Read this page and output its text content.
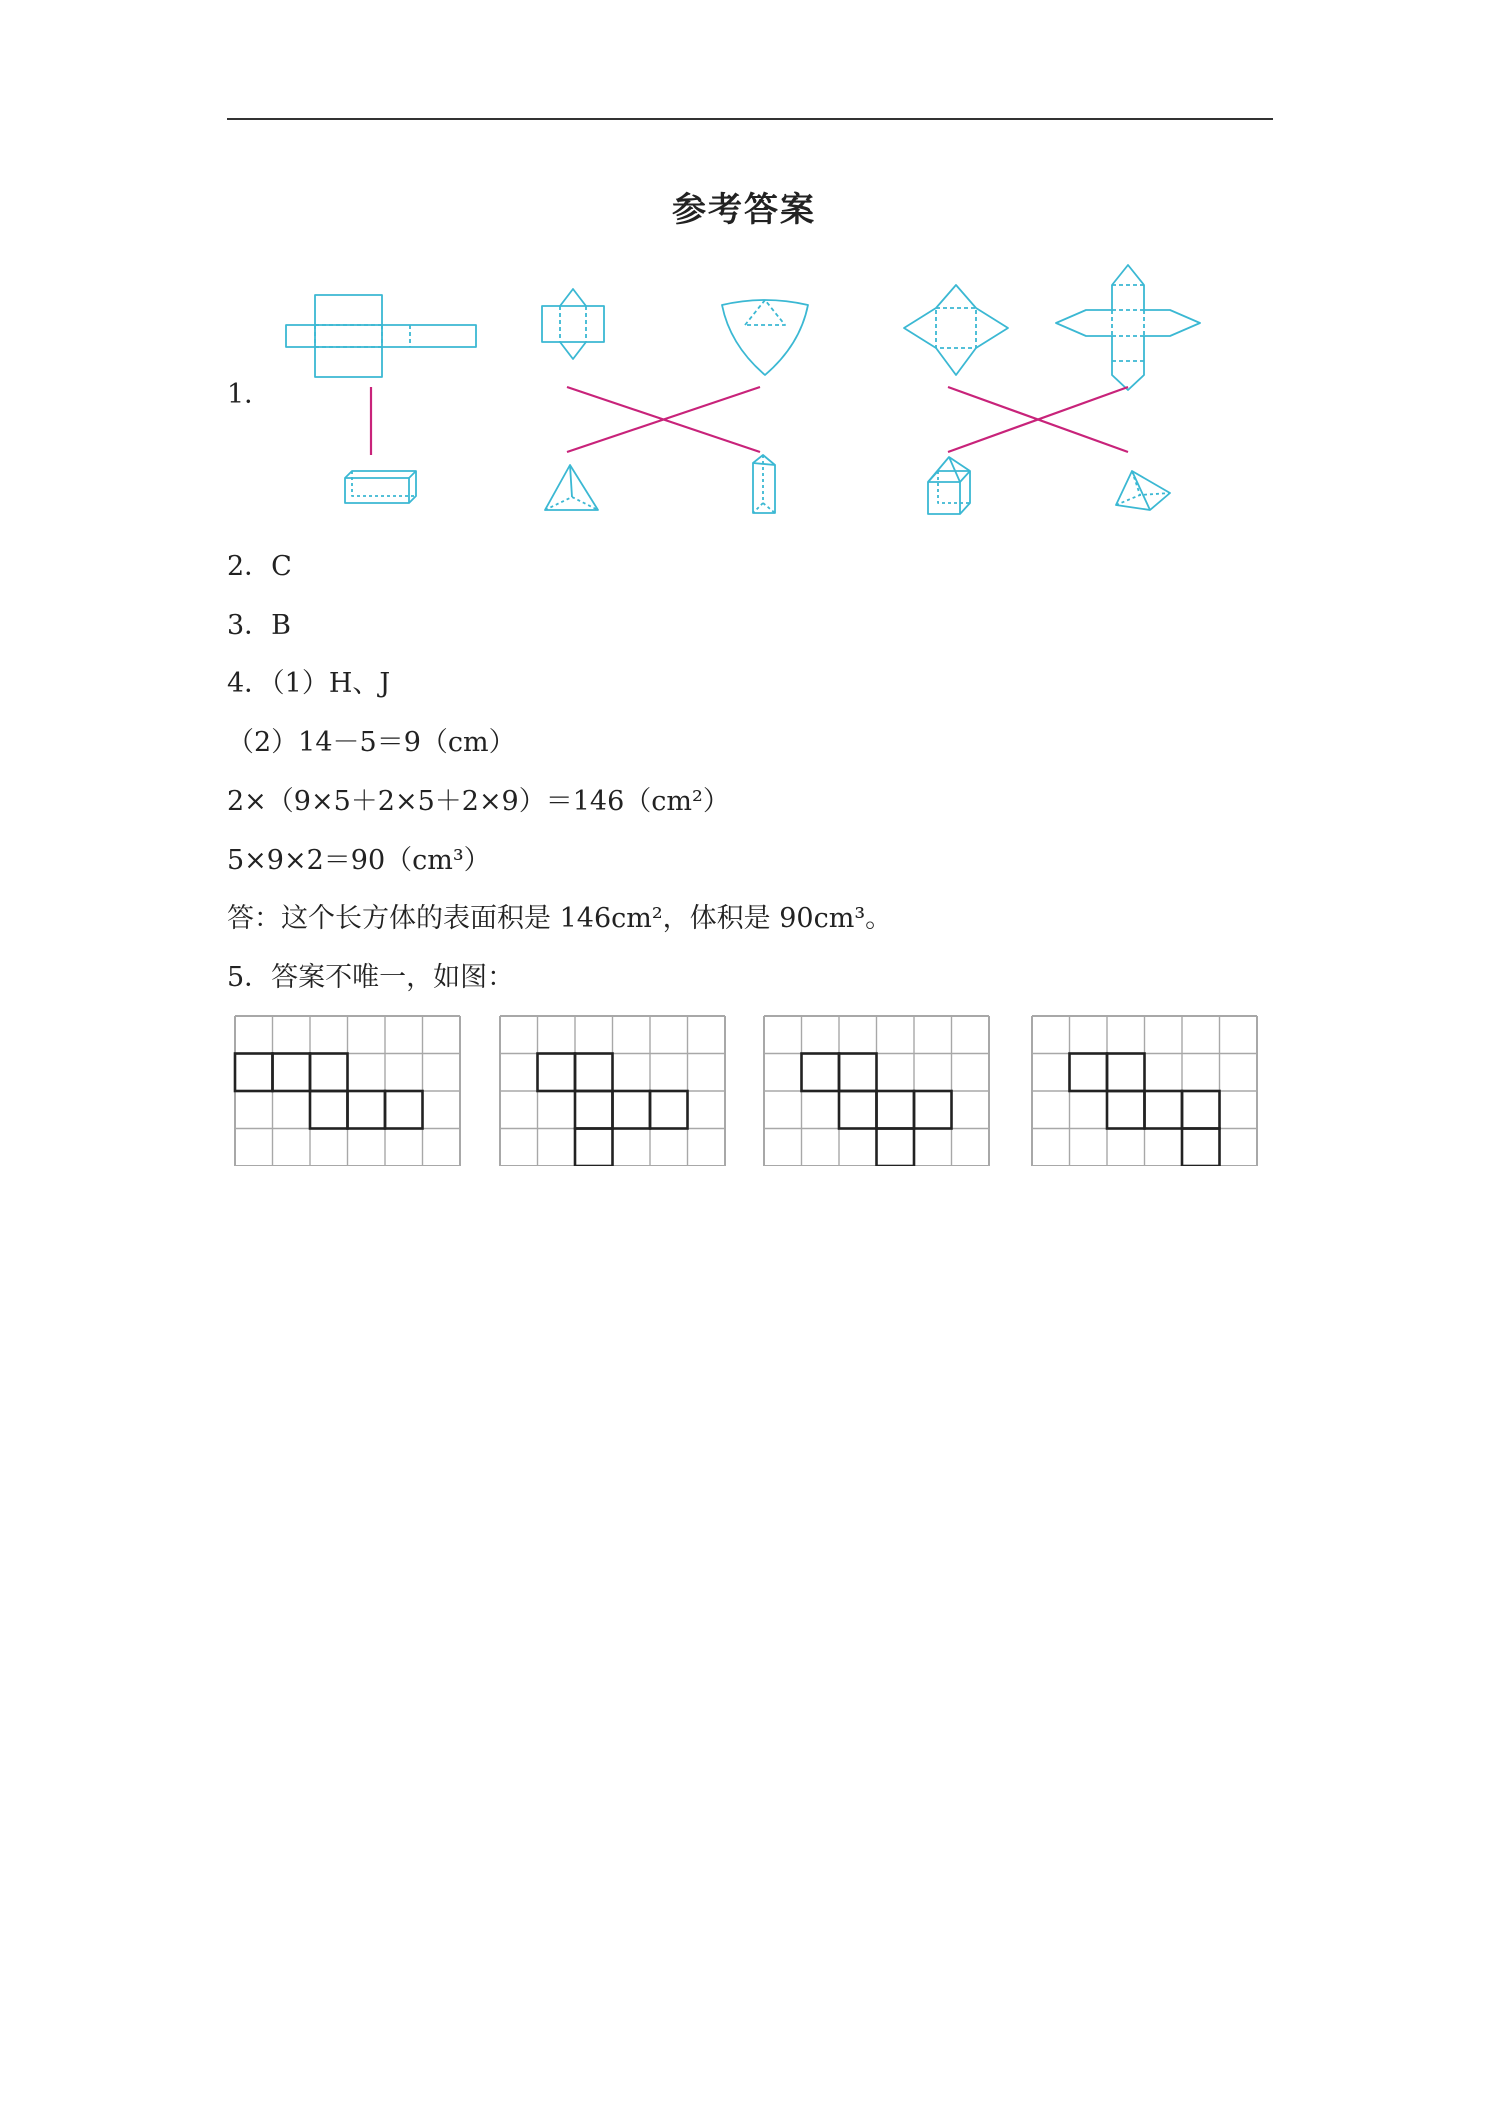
参考答案
1．
2．C
3．B
4．（1）H、J
（2）14－5＝9（cm）
2×（9×5＋2×5＋2×9）＝146（cm²）
5×9×2＝90（cm³）
答：这个长方体的表面积是 146cm²，体积是 90cm³。
5．答案不唯一，如图：
